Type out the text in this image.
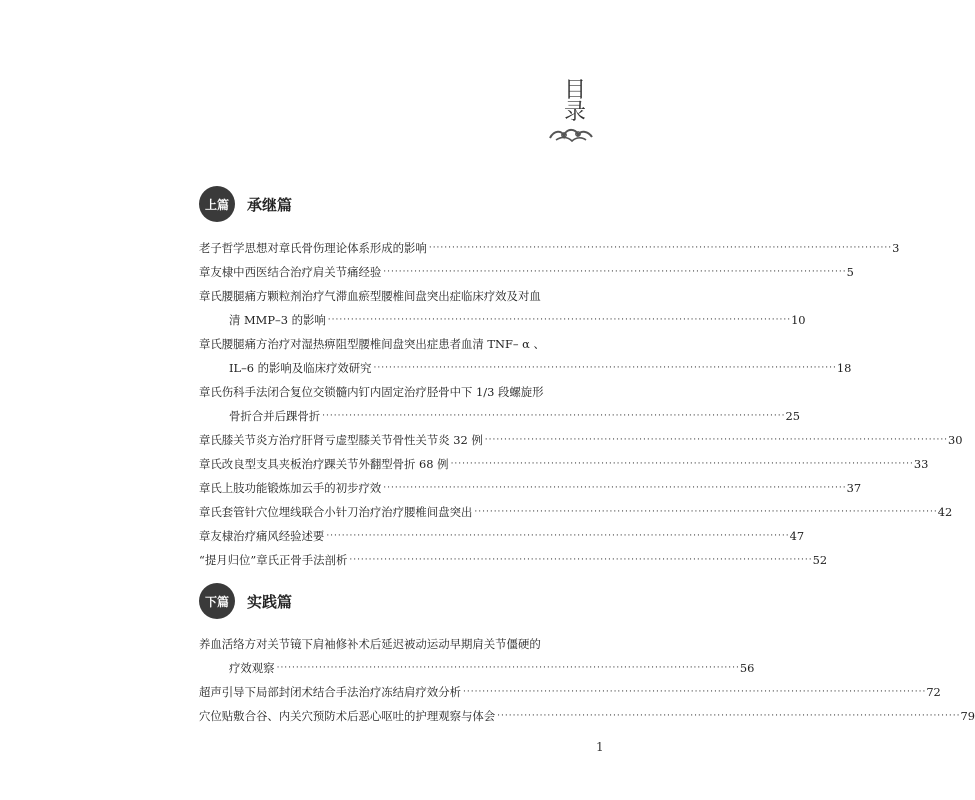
目
录
上篇	承继篇
老子哲学思想对章氏骨伤理论体系形成的影响 ························································································································ 3
章友棣中西医结合治疗肩关节痛经验 ························································································································ 5
章氏腰腿痛方颗粒剂治疗气滞血瘀型腰椎间盘突出症临床疗效及对血
清 MMP–3 的影响 ························································································································ 10
章氏腰腿痛方治疗对湿热痹阻型腰椎间盘突出症患者血清 TNF– α 、
IL–6 的影响及临床疗效研究 ························································································································ 18
章氏伤科手法闭合复位交锁髓内钉内固定治疗胫骨中下 1/3 段螺旋形
骨折合并后踝骨折 ························································································································ 25
章氏膝关节炎方治疗肝肾亏虚型膝关节骨性关节炎 32 例 ························································································································ 30
章氏改良型支具夹板治疗踝关节外翻型骨折 68 例 ························································································································ 33
章氏上肢功能锻炼加云手的初步疗效 ························································································································ 37
章氏套管针穴位埋线联合小针刀治疗治疗腰椎间盘突出 ························································································································ 42
章友棣治疗痛风经验述要 ························································································································ 47
“提月归位”章氏正骨手法剖析 ························································································································ 52
下篇	实践篇
养血活络方对关节镜下肩袖修补术后延迟被动运动早期肩关节僵硬的
疗效观察 ························································································································ 56
超声引导下局部封闭术结合手法治疗冻结肩疗效分析 ························································································································ 72
穴位贴敷合谷、内关穴预防术后恶心呕吐的护理观察与体会 ························································································································ 79
1
